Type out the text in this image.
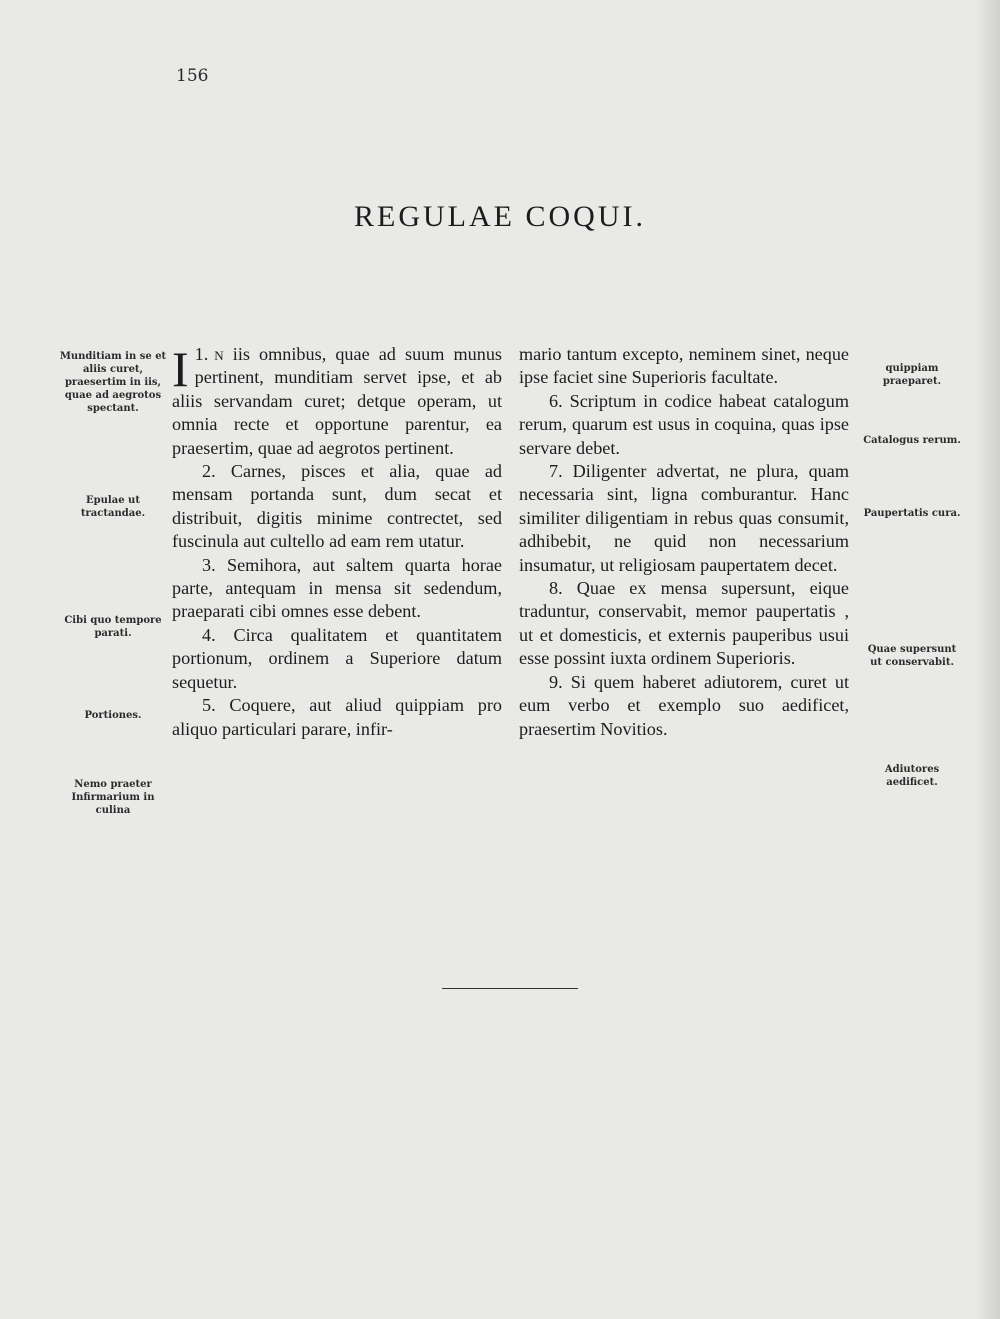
156
REGULAE COQUI.

1.
I n iis omnibus, quae ad suum munus pertinent, munditiam servet ipse, et ab aliis servandam curet; detque operam, ut omnia recte et opportune parentur, ea praesertim, quae ad aegrotos pertinent.

2. Carnes, pisces et alia, quae ad mensam portanda sunt, dum secat et distribuit, digitis minime contrectet, sed fuscinula aut cultello ad eam rem utatur.

3. Semihora, aut saltem quarta horae parte, antequam in mensa sit sedendum, praeparati cibi omnes esse debent.

4. Circa qualitatem et quantitatem portionum, ordinem a Superiore datum sequetur.

5. Coquere, aut aliud quippiam pro aliquo particulari parare, infir-

mario tantum excepto, neminem sinet, neque ipse faciet sine Superioris facultate.

6. Scriptum in codice habeat catalogum rerum, quarum est usus in coquina, quas ipse servare debet.

7. Diligenter advertat, ne plura, quam necessaria sint, ligna comburantur. Hanc similiter diligentiam in rebus quas consumit, adhibebit, ne quid non necessarium insumatur, ut religiosam paupertatem decet.

8. Quae ex mensa supersunt, eique traduntur, conservabit, memor paupertatis , ut et domesticis, et externis pauperibus usui esse possint iuxta ordinem Superioris.

9. Si quem haberet adiutorem, curet ut eum verbo et exemplo suo aedificet, praesertim Novitios.

Munditiam in se et aliis curet, praesertim in iis, quae ad aegrotos spectant.
Epulae ut tractandae.
Cibi quo tempore parati.
Portiones.
Nemo praeter Infirmarium in culina
quippiam praeparet.
Catalogus rerum.
Paupertatis cura.
Quae supersunt ut conservabit.
Adiutores aedificet.
